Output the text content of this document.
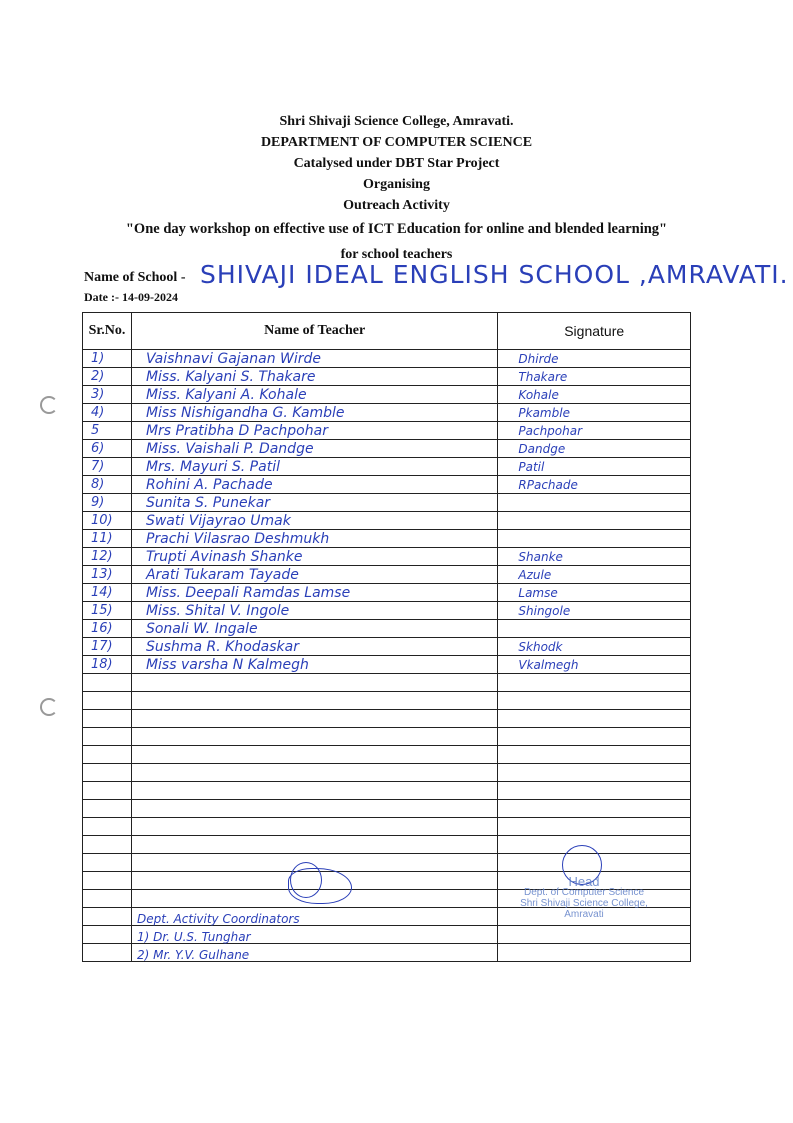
Shri Shivaji Science College, Amravati.
DEPARTMENT OF COMPUTER SCIENCE
Catalysed under DBT Star Project
Organising
Outreach Activity
"One day workshop on effective use of ICT Education for online and blended learning"
for school teachers
Name of School - SHIVAJI IDEAL ENGLISH SCHOOL ,AMRAVATI.
Date :- 14-09-2024
Sr.No.	Name of Teacher	Signature
1)	Vaishnavi Gajanan Wirde	Dhirde
2)	Miss. Kalyani S. Thakare	Thakare
3)	Miss. Kalyani A. Kohale	Kohale
4)	Miss Nishigandha G. Kamble	Pkamble
5	Mrs Pratibha D Pachpohar	Pachpohar
6)	Miss. Vaishali P. Dandge	Dandge
7)	Mrs. Mayuri S. Patil	Patil
8)	Rohini A. Pachade	RPachade
9)	Sunita S. Punekar	
10)	Swati Vijayrao Umak	
11)	Prachi Vilasrao Deshmukh	
12)	Trupti Avinash Shanke	Shanke
13)	Arati Tukaram Tayade	Azule
14)	Miss. Deepali Ramdas Lamse	Lamse
15)	Miss. Shital V. Ingole	Shingole
16)	Sonali W. Ingale	
17)	Sushma R. Khodaskar	Skhodk
18)	Miss varsha N Kalmegh	Vkalmegh

Dept. Activity Coordinators
1) Dr. U.S. Tunghar
2) Mr. Y.V. Gulhane
Head
Dept. of Computer Science
Shri Shivaji Science College,
Amravati
